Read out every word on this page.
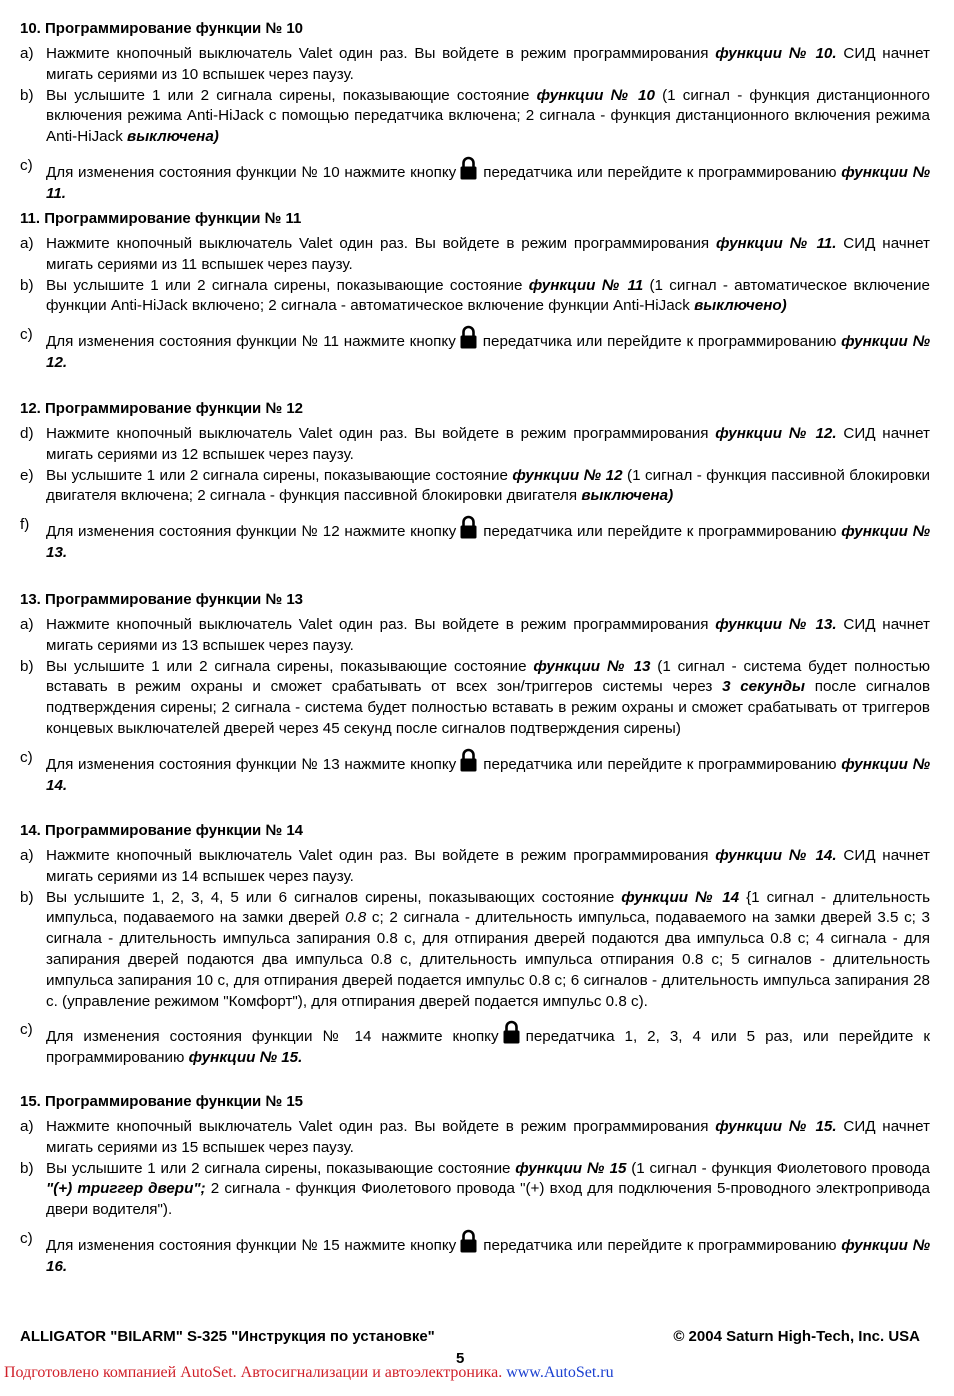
10. Программирование функции № 10

a) Нажмите кнопочный выключатель Valet один раз. Вы войдете в режим программирования функции № 10. СИД начнет мигать сериями из 10 вспышек через паузу.

b) Вы услышите 1 или 2 сигнала сирены, показывающие состояние функции № 10 (1 сигнал - функция дистанционного включения режима Anti-HiJack с помощью передатчика включена; 2 сигнала - функция дистанционного включения режима Anti-HiJack выключена)

c) Для изменения состояния функции № 10 нажмите кнопку передатчика или перейдите к программированию функции № 11.

11. Программирование функции № 11

a) Нажмите кнопочный выключатель Valet один раз. Вы войдете в режим программирования функции № 11. СИД начнет мигать сериями из 11 вспышек через паузу.

b) Вы услышите 1 или 2 сигнала сирены, показывающие состояние функции № 11 (1 сигнал - автоматическое включение функции Anti-HiJack включено; 2 сигнала - автоматическое включение функции Anti-HiJack выключено)

c) Для изменения состояния функции № 11 нажмите кнопку передатчика или перейдите к программированию функции № 12.

12. Программирование функции № 12

d) Нажмите кнопочный выключатель Valet один раз. Вы войдете в режим программирования функции № 12. СИД начнет мигать сериями из 12 вспышек через паузу.

e) Вы услышите 1 или 2 сигнала сирены, показывающие состояние функции № 12 (1 сигнал - функция пассивной блокировки двигателя включена; 2 сигнала - функция пассивной блокировки двигателя выключена)

f) Для изменения состояния функции № 12 нажмите кнопку передатчика или перейдите к программированию функции № 13.

13. Программирование функции № 13

a) Нажмите кнопочный выключатель Valet один раз. Вы войдете в режим программирования функции № 13. СИД начнет мигать сериями из 13 вспышек через паузу.

b) Вы услышите 1 или 2 сигнала сирены, показывающие состояние функции № 13 (1 сигнал - система будет полностью вставать в режим охраны и сможет срабатывать от всех зон/триггеров системы через 3 секунды после сигналов подтверждения сирены; 2 сигнала - система будет полностью вставать в режим охраны и сможет срабатывать от триггеров концевых выключателей дверей через 45 секунд после сигналов подтверждения сирены)

c) Для изменения состояния функции № 13 нажмите кнопку передатчика или перейдите к программированию функции № 14.

14. Программирование функции № 14

a) Нажмите кнопочный выключатель Valet один раз. Вы войдете в режим программирования функции № 14. СИД начнет мигать сериями из 14 вспышек через паузу.

b) Вы услышите 1, 2, 3, 4, 5 или 6 сигналов сирены, показывающих состояние функции № 14 {1 сигнал - длительность импульса, подаваемого на замки дверей 0.8 с; 2 сигнала - длительность импульса, подаваемого на замки дверей 3.5 с; 3 сигнала - длительность импульса запирания 0.8 с, для отпирания дверей подаются два импульса 0.8 с; 4 сигнала - для запирания дверей подаются два импульса 0.8 с, длительность импульса отпирания 0.8 с; 5 сигналов - длительность импульса запирания 10 с, для отпирания дверей подается импульс 0.8 с; 6 сигналов - длительность импульса запирания 28 с. (управление режимом "Комфорт"), для отпирания дверей подается импульс 0.8 с).

c) Для изменения состояния функции № 14 нажмите кнопку передатчика 1, 2, 3, 4 или 5 раз, или перейдите к программированию функции № 15.

15. Программирование функции № 15

a) Нажмите кнопочный выключатель Valet один раз. Вы войдете в режим программирования функции № 15. СИД начнет мигать сериями из 15 вспышек через паузу.

b) Вы услышите 1 или 2 сигнала сирены, показывающие состояние функции № 15 (1 сигнал - функция Фиолетового провода "(+) триггер двери"; 2 сигнала - функция Фиолетового провода "(+) вход для подключения 5-проводного электропривода двери водителя").

c) Для изменения состояния функции № 15 нажмите кнопку передатчика или перейдите к программированию функции № 16.

ALLIGATOR "BILARM" S-325 "Инструкция по установке"	© 2004 Saturn High-Tech, Inc. USA
5
Подготовлено компанией AutoSet. Автосигнализации и автоэлектроника. www.AutoSet.ru
